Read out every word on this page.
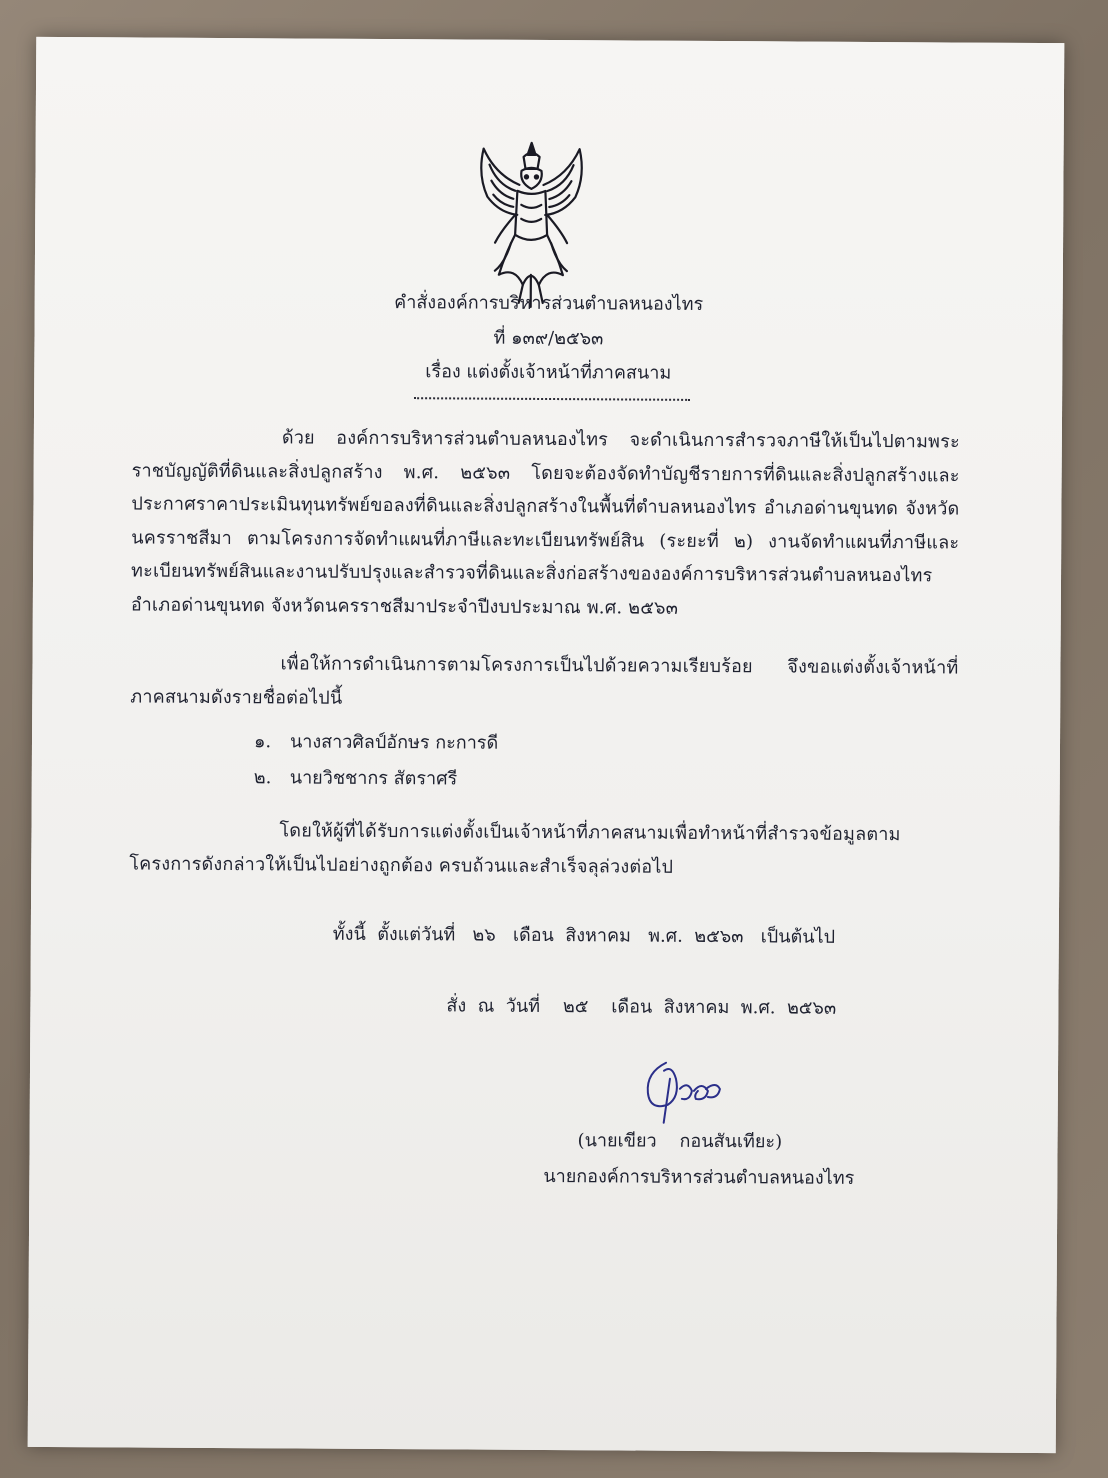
คำสั่งองค์การบริหารส่วนตำบลหนองไทร
ที่ ๑๓๙/๒๕๖๓
เรื่อง แต่งตั้งเจ้าหน้าที่ภาคสนาม
ด้วย องค์การบริหารส่วนตำบลหนองไทร จะดำเนินการสำรวจภาษีให้เป็นไปตามพระราชบัญญัติที่ดินและสิ่งปลูกสร้าง พ.ศ. ๒๕๖๓ โดยจะต้องจัดทำบัญชีรายการที่ดินและสิ่งปลูกสร้างและประกาศราคาประเมินทุนทรัพย์ขอลงที่ดินและสิ่งปลูกสร้างในพื้นที่ตำบลหนองไทร อำเภอด่านขุนทด จังหวัดนครราชสีมา ตามโครงการจัดทำแผนที่ภาษีและทะเบียนทรัพย์สิน (ระยะที่ ๒) งานจัดทำแผนที่ภาษีและทะเบียนทรัพย์สินและงานปรับปรุงและสำรวจที่ดินและสิ่งก่อสร้างขององค์การบริหารส่วนตำบลหนองไทร อำเภอด่านขุนทด จังหวัดนครราชสีมาประจำปีงบประมาณ พ.ศ. ๒๕๖๓
เพื่อให้การดำเนินการตามโครงการเป็นไปด้วยความเรียบร้อย จึงขอแต่งตั้งเจ้าหน้าที่ภาคสนามดังรายชื่อต่อไปนี้
๑. นางสาวศิลป์อักษร กะการดี
๒. นายวิชชากร สัตราศรี
โดยให้ผู้ที่ได้รับการแต่งตั้งเป็นเจ้าหน้าที่ภาคสนามเพื่อทำหน้าที่สำรวจข้อมูลตามโครงการดังกล่าวให้เป็นไปอย่างถูกต้อง ครบถ้วนและสำเร็จลุล่วงต่อไป
ทั้งนี้  ตั้งแต่วันที่   ๒๖   เดือน  สิงหาคม   พ.ศ.  ๒๕๖๓   เป็นต้นไป
สั่ง  ณ  วันที่    ๒๕    เดือน  สิงหาคม  พ.ศ.  ๒๕๖๓
(นายเขียว    กอนสันเทียะ)
นายกองค์การบริหารส่วนตำบลหนองไทร
